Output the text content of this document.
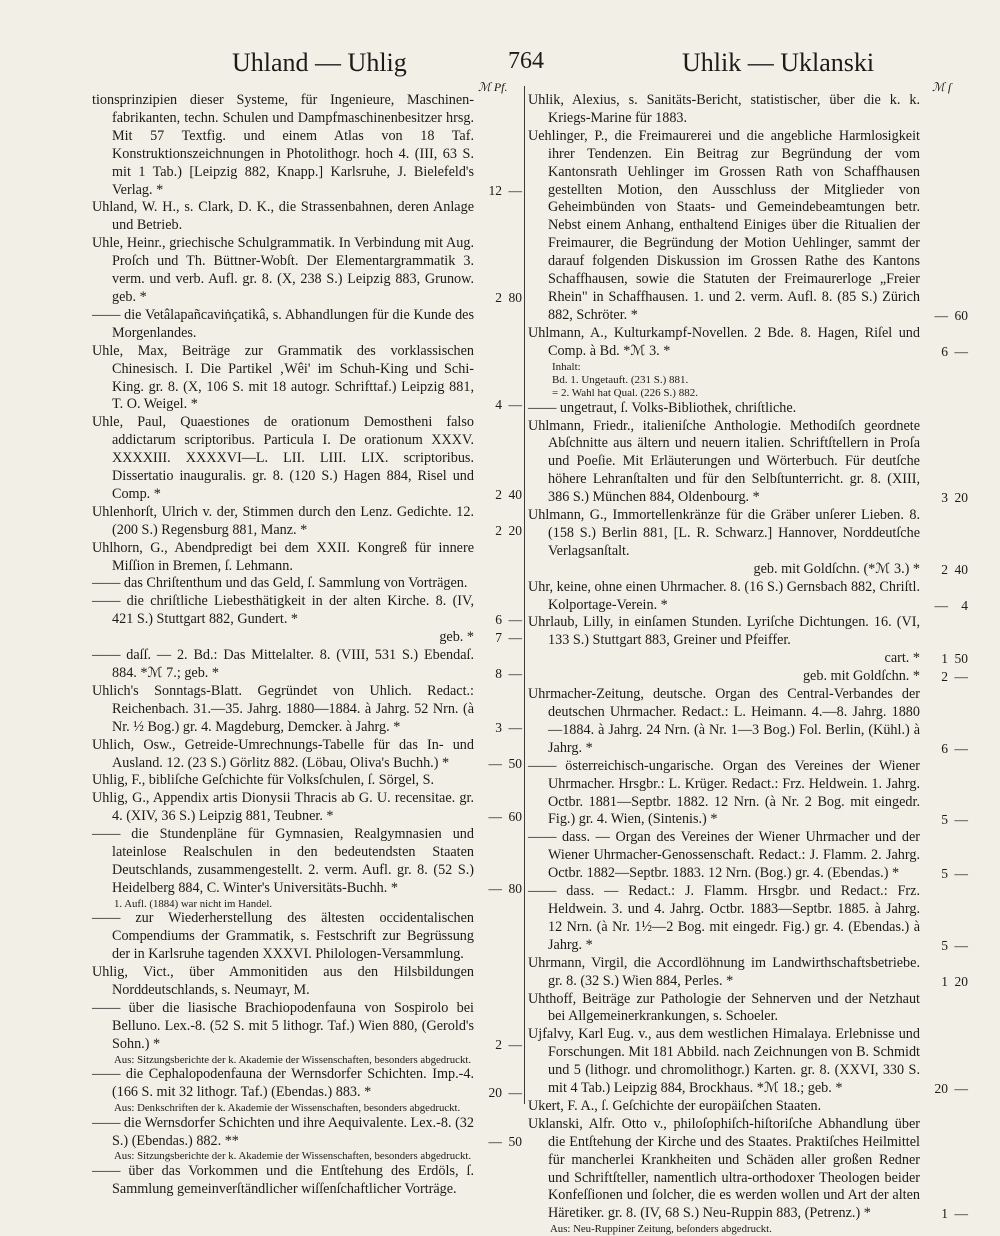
Uhland — Uhlig	764	Uhlik — Uklanski
ℳ Pf.	ℳ ſ
tionsprinzipien dieser Systeme, für Ingenieure, Maschinen-fabrikanten, techn. Schulen und Dampfmaschinenbesitzer hrsg. Mit 57 Textfig. und einem Atlas von 18 Taf. Konstruktionszeichnungen in Photolithogr. hoch 4. (III, 63 S. mit 1 Tab.) [Leipzig 882, Knapp.] Karlsruhe, J. Bielefeld's Verlag. *	12 —
Uhland, W. H., s. Clark, D. K., die Strassenbahnen, deren Anlage und Betrieb.
Uhle, Heinr., griechische Schulgrammatik. In Verbindung mit Aug. Proſch und Th. Büttner-Wobſt. Der Elementargrammatik 3. verm. und verb. Aufl. gr. 8. (X, 238 S.) Leipzig 883, Grunow. geb. *	2 80
—— die Vetâlapañcaviṅçatikâ, s. Abhandlungen für die Kunde des Morgenlandes.
Uhle, Max, Beiträge zur Grammatik des vorklassischen Chinesisch. I. Die Partikel ‚Wêi' im Schuh-King und Schi-King. gr. 8. (X, 106 S. mit 18 autogr. Schrifttaf.) Leipzig 881, T. O. Weigel. *	4 —
Uhle, Paul, Quaestiones de orationum Demostheni falso addictarum scriptoribus. Particula I. De orationum XXXV. XXXXIII. XXXXVI—L. LII. LIII. LIX. scriptoribus. Dissertatio inauguralis. gr. 8. (120 S.) Hagen 884, Risel und Comp. *	2 40
Uhlenhorſt, Ulrich v. der, Stimmen durch den Lenz. Gedichte. 12. (200 S.) Regensburg 881, Manz. *	2 20
Uhlhorn, G., Abendpredigt bei dem XXII. Kongreß für innere Miſſion in Bremen, ſ. Lehmann.
—— das Chriſtenthum und das Geld, ſ. Sammlung von Vorträgen.
—— die chriſtliche Liebesthätigkeit in der alten Kirche. 8. (IV, 421 S.) Stuttgart 882, Gundert. *	6 —
geb. *	7 —
—— daſſ. — 2. Bd.: Das Mittelalter. 8. (VIII, 531 S.) Ebendaſ. 884. *ℳ 7.; geb. *	8 —
Uhlich's Sonntags-Blatt. Gegründet von Uhlich. Redact.: Reichenbach. 31.—35. Jahrg. 1880—1884. à Jahrg. 52 Nrn. (à Nr. ½ Bog.) gr. 4. Magdeburg, Demcker. à Jahrg. *	3 —
Uhlich, Osw., Getreide-Umrechnungs-Tabelle für das In- und Ausland. 12. (23 S.) Görlitz 882. (Löbau, Oliva's Buchh.) *	— 50
Uhlig, F., bibliſche Geſchichte für Volksſchulen, ſ. Sörgel, S.
Uhlig, G., Appendix artis Dionysii Thracis ab G. U. recensitae. gr. 4. (XIV, 36 S.) Leipzig 881, Teubner. *	— 60
—— die Stundenpläne für Gymnasien, Realgymnasien und lateinlose Realschulen in den bedeutendsten Staaten Deutschlands, zusammengestellt. 2. verm. Aufl. gr. 8. (52 S.) Heidelberg 884, C. Winter's Universitäts-Buchh. *	— 80
1. Aufl. (1884) war nicht im Handel.
—— zur Wiederherstellung des ältesten occidentalischen Compendiums der Grammatik, s. Festschrift zur Begrüssung der in Karlsruhe tagenden XXXVI. Philologen-Versammlung.
Uhlig, Vict., über Ammonitiden aus den Hilsbildungen Norddeutschlands, s. Neumayr, M.
—— über die liasische Brachiopodenfauna von Sospirolo bei Belluno. Lex.-8. (52 S. mit 5 lithogr. Taf.) Wien 880, (Gerold's Sohn.) *	2 —
Aus: Sitzungsberichte der k. Akademie der Wissenschaften, besonders abgedruckt.
—— die Cephalopodenfauna der Wernsdorfer Schichten. Imp.-4. (166 S. mit 32 lithogr. Taf.) (Ebendas.) 883. *	20 —
Aus: Denkschriften der k. Akademie der Wissenschaften, besonders abgedruckt.
—— die Wernsdorfer Schichten und ihre Aequivalente. Lex.-8. (32 S.) (Ebendas.) 882. **	— 50
Aus: Sitzungsberichte der k. Akademie der Wissenschaften, besonders abgedruckt.
—— über das Vorkommen und die Entſtehung des Erdöls, ſ. Sammlung gemeinverſtändlicher wiſſenſchaftlicher Vorträge.
Uhlik, Alexius, s. Sanitäts-Bericht, statistischer, über die k. k. Kriegs-Marine für 1883.
Uehlinger, P., die Freimaurerei und die angebliche Harmlosigkeit ihrer Tendenzen. Ein Beitrag zur Begründung der vom Kantonsrath Uehlinger im Grossen Rath von Schaffhausen gestellten Motion, den Ausschluss der Mitglieder von Geheimbünden von Staats- und Gemeindebeamtungen betr. Nebst einem Anhang, enthaltend Einiges über die Ritualien der Freimaurer, die Begründung der Motion Uehlinger, sammt der darauf folgenden Diskussion im Grossen Rathe des Kantons Schaffhausen, sowie die Statuten der Freimaurerloge „Freier Rhein" in Schaffhausen. 1. und 2. verm. Aufl. 8. (85 S.) Zürich 882, Schröter. *	— 60
Uhlmann, A., Kulturkampf-Novellen. 2 Bde. 8. Hagen, Riſel und Comp. à Bd. *ℳ 3. *	6 —
Inhalt:
Bd. 1. Ungetauft. (231 S.) 881.
= 2. Wahl hat Qual. (226 S.) 882.
—— ungetraut, ſ. Volks-Bibliothek, chriſtliche.
Uhlmann, Friedr., italieniſche Anthologie. Methodiſch geordnete Abſchnitte aus ältern und neuern italien. Schriftſtellern in Proſa und Poeſie. Mit Erläuterungen und Wörterbuch. Für deutſche höhere Lehranſtalten und für den Selbſtunterricht. gr. 8. (XIII, 386 S.) München 884, Oldenbourg. *	3 20
Uhlmann, G., Immortellenkränze für die Gräber unſerer Lieben. 8. (158 S.) Berlin 881, [L. R. Schwarz.] Hannover, Norddeutſche Verlagsanſtalt.
geb. mit Goldſchn. (*ℳ 3.) *	2 40
Uhr, keine, ohne einen Uhrmacher. 8. (16 S.) Gernsbach 882, Chriſtl. Kolportage-Verein. *	— 4
Uhrlaub, Lilly, in einſamen Stunden. Lyriſche Dichtungen. 16. (VI, 133 S.) Stuttgart 883, Greiner und Pfeiffer.
cart. *	1 50
geb. mit Goldſchn. *	2 —
Uhrmacher-Zeitung, deutsche. Organ des Central-Verbandes der deutschen Uhrmacher. Redact.: L. Heimann. 4.—8. Jahrg. 1880—1884. à Jahrg. 24 Nrn. (à Nr. 1—3 Bog.) Fol. Berlin, (Kühl.) à Jahrg. *	6 —
—— österreichisch-ungarische. Organ des Vereines der Wiener Uhrmacher. Hrsgbr.: L. Krüger. Redact.: Frz. Heldwein. 1. Jahrg. Octbr. 1881—Septbr. 1882. 12 Nrn. (à Nr. 2 Bog. mit eingedr. Fig.) gr. 4. Wien, (Sintenis.) *	5 —
—— dass. — Organ des Vereines der Wiener Uhrmacher und der Wiener Uhrmacher-Genossenschaft. Redact.: J. Flamm. 2. Jahrg. Octbr. 1882—Septbr. 1883. 12 Nrn. (Bog.) gr. 4. (Ebendas.) *	5 —
—— dass. — Redact.: J. Flamm. Hrsgbr. und Redact.: Frz. Heldwein. 3. und 4. Jahrg. Octbr. 1883—Septbr. 1885. à Jahrg. 12 Nrn. (à Nr. 1½—2 Bog. mit eingedr. Fig.) gr. 4. (Ebendas.) à Jahrg. *	5 —
Uhrmann, Virgil, die Accordlöhnung im Landwirthschaftsbetriebe. gr. 8. (32 S.) Wien 884, Perles. *	1 20
Uhthoff, Beiträge zur Pathologie der Sehnerven und der Netzhaut bei Allgemeinerkrankungen, s. Schoeler.
Ujfalvy, Karl Eug. v., aus dem westlichen Himalaya. Erlebnisse und Forschungen. Mit 181 Abbild. nach Zeichnungen von B. Schmidt und 5 (lithogr. und chromolithogr.) Karten. gr. 8. (XXVI, 330 S. mit 4 Tab.) Leipzig 884, Brockhaus. *ℳ 18.; geb. *	20 —
Ukert, F. A., ſ. Geſchichte der europäiſchen Staaten.
Uklanski, Alfr. Otto v., philoſophiſch-hiſtoriſche Abhandlung über die Entſtehung der Kirche und des Staates. Praktiſches Heilmittel für mancherlei Krankheiten und Schäden aller großen Redner und Schriftſteller, namentlich ultra-orthodoxer Theologen beider Konfeſſionen und ſolcher, die es werden wollen und Art der alten Häretiker. gr. 8. (IV, 68 S.) Neu-Ruppin 883, (Petrenz.) *	1 —
Aus: Neu-Ruppiner Zeitung, beſonders abgedruckt.
